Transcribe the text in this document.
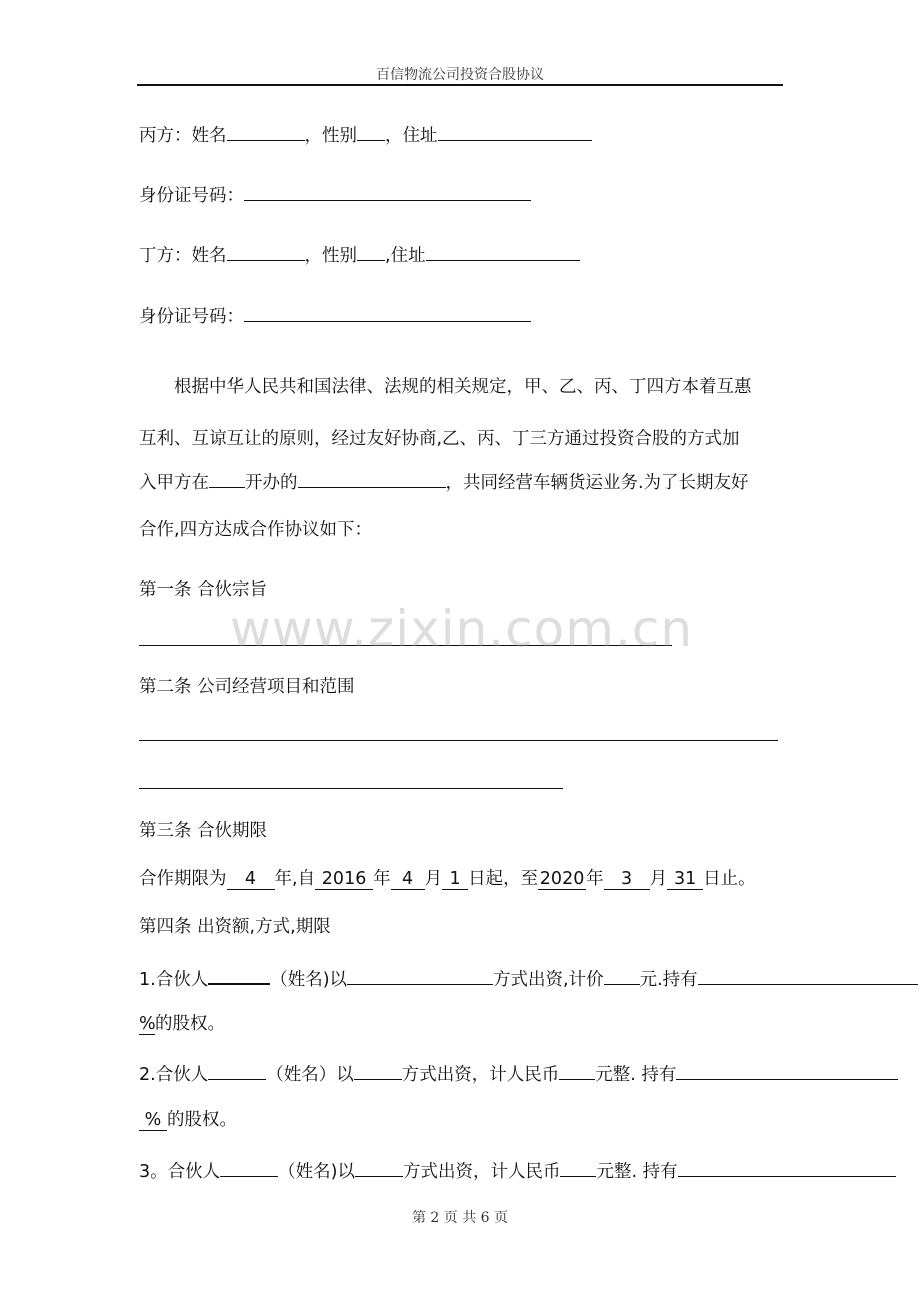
百信物流公司投资合股协议
丙方：姓名	，性别 ，住址
身份证号码：
丁方：姓名	，性别 ,住址
身份证号码：
根据中华人民共和国法律、法规的相关规定，甲、乙、丙、丁四方本着互惠
互利、互谅互让的原则，经过友好协商,乙、丙、丁三方通过投资合股的方式加
入甲方在 开办的	，共同经营车辆货运业务.为了长期友好
合作,四方达成合作协议如下：
第一条 合伙宗旨
www.zixin.com.cn
第二条 公司经营项目和范围
第三条 合伙期限
合作期限为 4 年,自 2016 年 4 月 1 日起，至2020年 3 月 31 日止。
第四条 出资额,方式,期限
1.合伙人	（姓名)以	方式出资,计价 元.持有
%的股权。
2.合伙人	（姓名）以	方式出资，计人民币 元整. 持有
% 的股权。
3。合伙人	（姓名)以	方式出资，计人民币 元整. 持有
第 2 页 共 6 页
